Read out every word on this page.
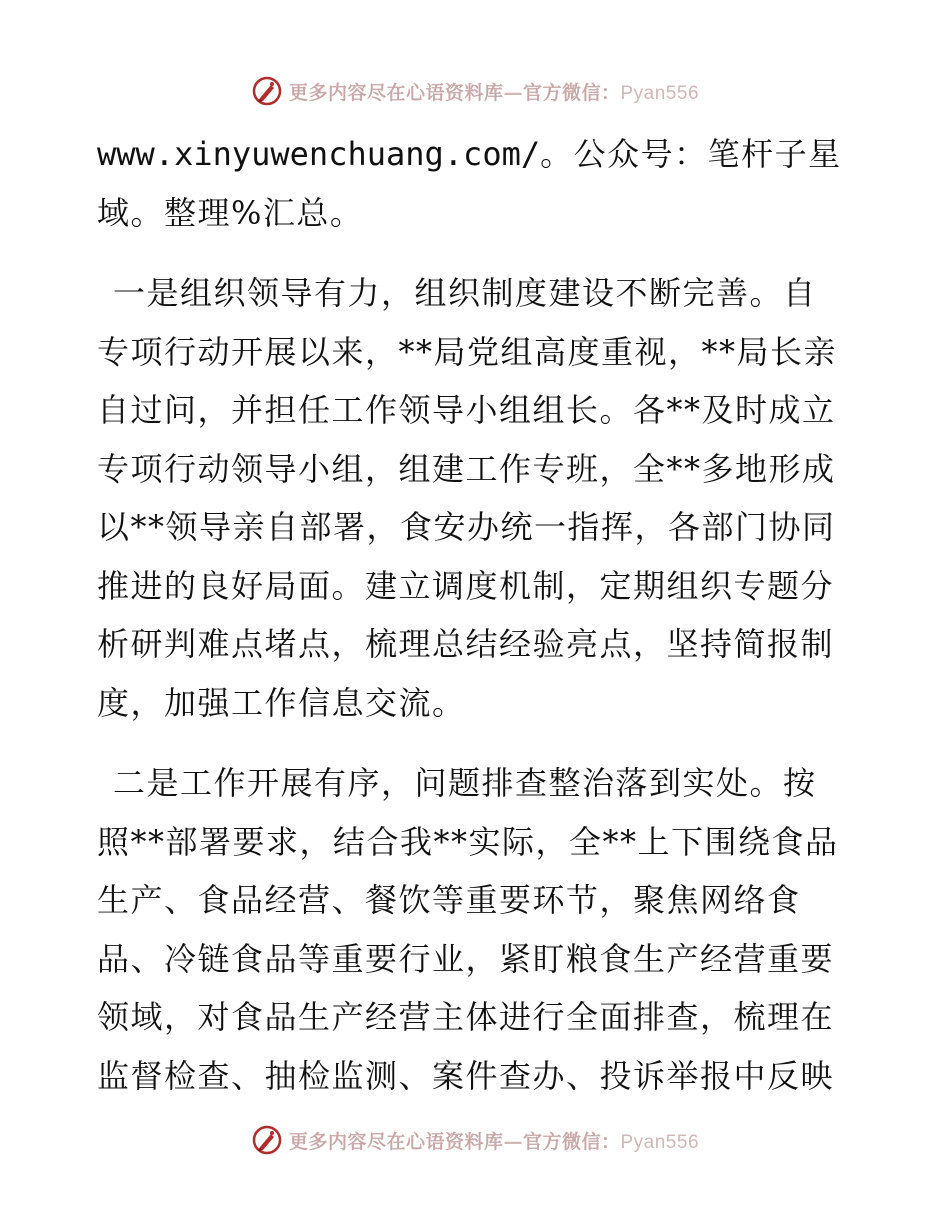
更多内容尽在心语资料库—官方微信：Pyan556
www.xinyuwenchuang.com/。公众号：笔杆子星
域。整理%汇总。
一是组织领导有力，组织制度建设不断完善。自
专项行动开展以来，**局党组高度重视，**局长亲
自过问，并担任工作领导小组组长。各**及时成立
专项行动领导小组，组建工作专班，全**多地形成
以**领导亲自部署，食安办统一指挥，各部门协同
推进的良好局面。建立调度机制，定期组织专题分
析研判难点堵点，梳理总结经验亮点，坚持简报制
度，加强工作信息交流。
二是工作开展有序，问题排查整治落到实处。按
照**部署要求，结合我**实际，全**上下围绕食品
生产、食品经营、餐饮等重要环节，聚焦网络食
品、冷链食品等重要行业，紧盯粮食生产经营重要
领域，对食品生产经营主体进行全面排查，梳理在
监督检查、抽检监测、案件查办、投诉举报中反映
更多内容尽在心语资料库—官方微信：Pyan556
